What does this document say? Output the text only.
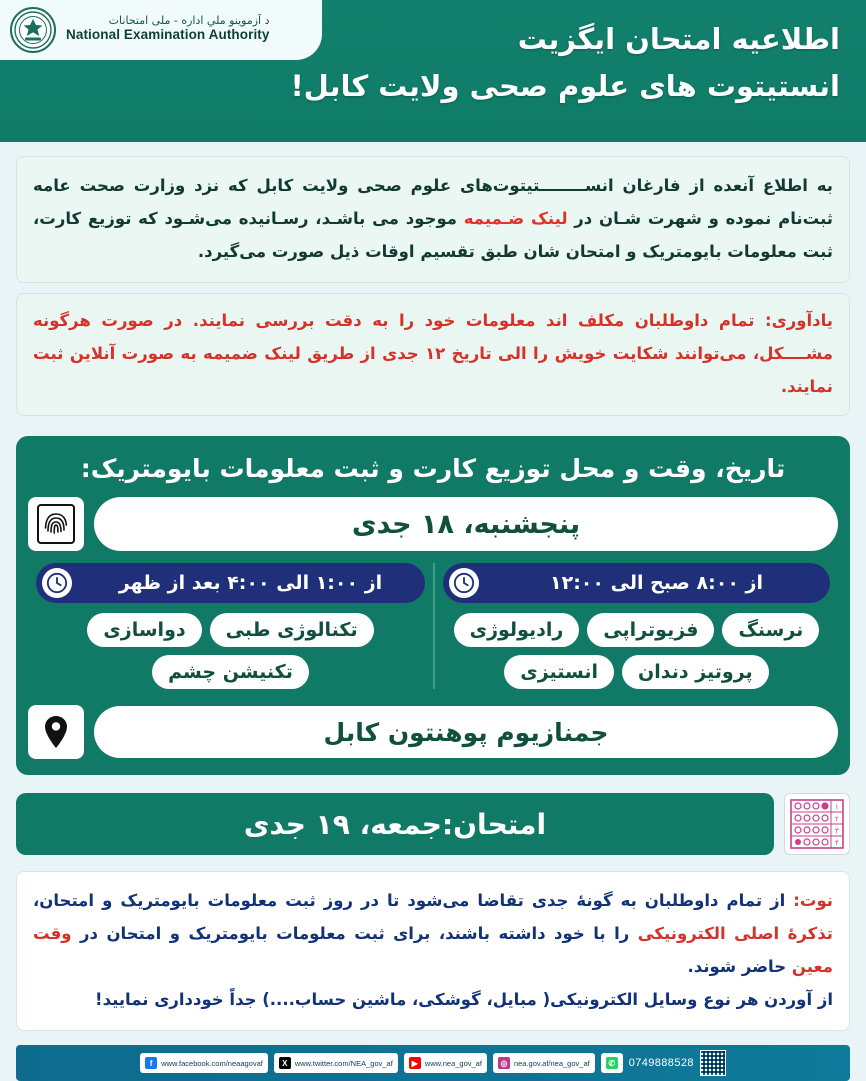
د آزموینو ملي اداره - ملی امتحانات
National Examination Authority	اطلاعیه امتحان ایگزیت
انستیتوت های علوم صحی ولایت کابل!
به اطلاع آنعده از فارغان انســــــــتیتوت‌های علوم صحی ولایت کابل که نزد وزارت صحت عامه ثبت‌نام نموده و شهرت شـان در لینک ضـمیمه موجود می باشـد، رسـانیده می‌شـود که توزیع کارت، ثبت معلومات بایومتریک و امتحان شان طبق تقسیم اوقات ذیل صورت می‌گیرد.
یادآوری: تمام داوطلبان مکلف اند معلومات خود را به دقت بررسی نمایند. در صورت هرگونه مشــــکل، می‌توانند شکایت خویش را الی تاریخ ۱۲ جدی از طریق لینک ضمیمه به صورت آنلاین ثبت نمایند.
تاریخ، وقت و محل توزیع کارت و ثبت معلومات بایومتریک:
پنجشنبه، ۱۸ جدی
از ۱:۰۰ الی ۴:۰۰ بعد از ظهر
تکنالوژی طبی
دواسازی
تکنیشن چشم
از ۸:۰۰ صبح الی ۱۲:۰۰
نرسنگ
فزیوتراپی
رادیولوژی
پروتیز دندان
انستیزی
جمنازیوم پوهنتون کابل
امتحان:جمعه، ۱۹ جدی
۱
۲
۳
۴
نوت: از تمام داوطلبان به گونهٔ جدی تقاضا می‌شود تا در روز ثبت معلومات بایومتریک و امتحان، تذکرهٔ اصلی الکترونیکی را با خود داشته باشند، برای ثبت معلومات بایومتریک و امتحان در وقت معین حاضر شوند.
از آوردن هر نوع وسایل الکترونیکی( مبایل، گوشکی، ماشین حساب....) جداً خودداری نمایید!
f	www.facebook.com/neaagovaf	X www.twitter.com/NEA_gov_af	▶ www.nea_gov_af	◎ nea.gov.af/nea_gov_af	✆ 0749888528
